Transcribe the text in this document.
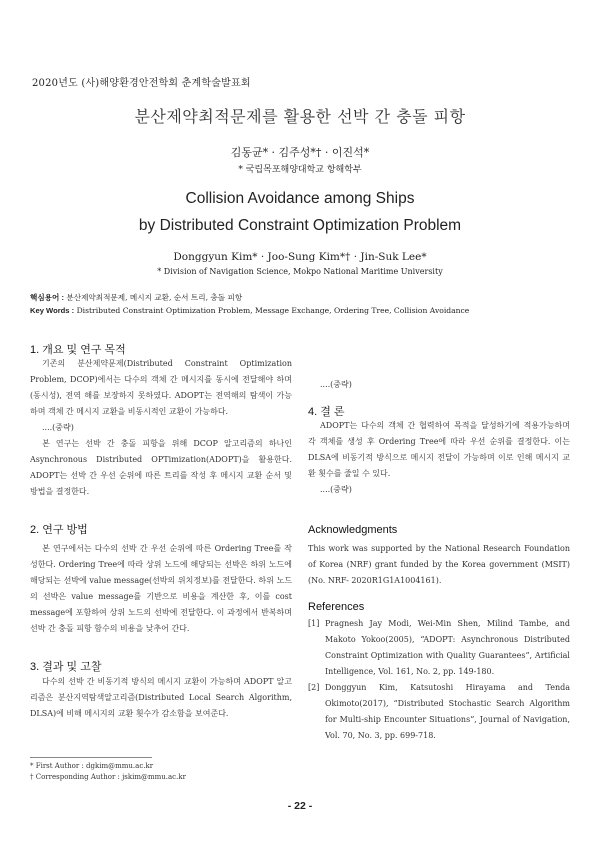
2020년도 (사)해양환경안전학회 춘계학술발표회
분산제약최적문제를 활용한 선박 간 충돌 피항
김동균* · 김주성*† · 이진석*
* 국립목포해양대학교 항해학부
Collision Avoidance among Ships
by Distributed Constraint Optimization Problem
Donggyun Kim* · Joo-Sung Kim*† · Jin-Suk Lee*
* Division of Navigation Science, Mokpo National Maritime University
핵심용어 : 분산제약최적문제, 메시지 교환, 순서 트리, 충돌 피항
Key Words : Distributed Constraint Optimization Problem, Message Exchange, Ordering Tree, Collision Avoidance
1. 개요 및 연구 목적

기존의 분산제약문제(Distributed Constraint Optimization Problem, DCOP)에서는 다수의 객체 간 메시지를 동시에 전달해야 하며(동시성), 전역 해를 보장하지 못하였다. ADOPT는 전역해의 탐색이 가능하며 객체 간 메시지 교환을 비동시적인 교환이 가능하다.

....(중략)

본 연구는 선박 간 충돌 피항을 위해 DCOP 알고리즘의 하나인 Asynchronous Distributed OPTimization(ADOPT)을 활용한다. ADOPT는 선박 간 우선 순위에 따른 트리를 작성 후 메시지 교환 순서 및 방법을 결정한다.

2. 연구 방법

본 연구에서는 다수의 선박 간 우선 순위에 따른 Ordering Tree를 작성한다. Ordering Tree에 따라 상위 노드에 해당되는 선박은 하위 노드에 해당되는 선박에 value message(선박의 위치정보)를 전달한다. 하위 노드의 선박은 value message를 기반으로 비용을 계산한 후, 이를 cost message에 포함하여 상위 노드의 선박에 전달한다. 이 과정에서 반복하며 선박 간 충돌 피항 함수의 비용을 낮추어 간다.

3. 결과 및 고찰

다수의 선박 간 비동기적 방식의 메시지 교환이 가능하며 ADOPT 알고리즘은 분산지역탐색알고리즘(Distributed Local Search Algorithm, DLSA)에 비해 메시지의 교환 횟수가 감소함을 보여준다.

* First Author : dgkim@mmu.ac.kr
† Corresponding Author : jskim@mmu.ac.kr

....(중략)

4. 결 론

ADOPT는 다수의 객체 간 협력하여 목적을 달성하기에 적용가능하며 각 객체를 생성 후 Ordering Tree에 따라 우선 순위를 결정한다. 이는 DLSA에 비동기적 방식으로 메시지 전달이 가능하며 이로 인해 메시지 교환 횟수를 줄일 수 있다.

....(중략)

Acknowledgments

This work was supported by the National Research Foundation of Korea (NRF) grant funded by the Korea government (MSIT) (No. NRF- 2020R1G1A1004161).

References
[1] Pragnesh Jay Modi, Wei-Min Shen, Milind Tambe, and Makoto Yokoo(2005), “ADOPT: Asynchronous Distributed Constraint Optimization with Quality Guarantees”, Artificial Intelligence, Vol. 161, No. 2, pp. 149-180.
[2] Donggyun Kim, Katsutoshi Hirayama and Tenda Okimoto(2017), “Distributed Stochastic Search Algorithm for Multi-ship Encounter Situations”, Journal of Navigation, Vol. 70, No. 3, pp. 699-718.
- 22 -
